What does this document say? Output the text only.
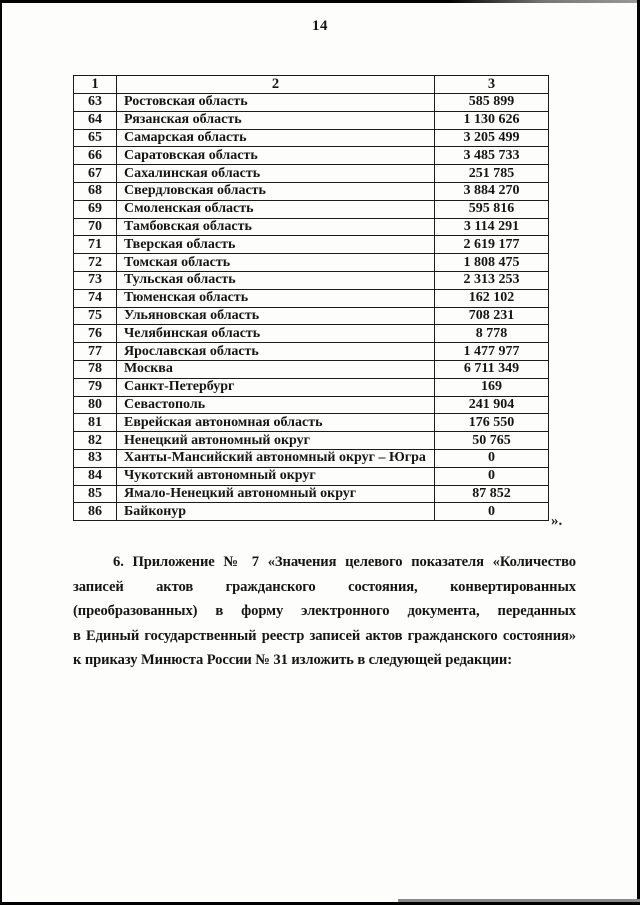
14
1	2	3
63	Ростовская область	585 899
64	Рязанская область	1 130 626
65	Самарская область	3 205 499
66	Саратовская область	3 485 733
67	Сахалинская область	251 785
68	Свердловская область	3 884 270
69	Смоленская область	595 816
70	Тамбовская область	3 114 291
71	Тверская область	2 619 177
72	Томская область	1 808 475
73	Тульская область	2 313 253
74	Тюменская область	162 102
75	Ульяновская область	708 231
76	Челябинская область	8 778
77	Ярославская область	1 477 977
78	Москва	6 711 349
79	Санкт-Петербург	169
80	Севастополь	241 904
81	Еврейская автономная область	176 550
82	Ненецкий автономный округ	50 765
83	Ханты-Мансийский автономный округ – Югра	0
84	Чукотский автономный округ	0
85	Ямало-Ненецкий автономный округ	87 852
86	Байконур	0
».
6. Приложение № 7 «Значения целевого показателя «Количество
записей актов гражданского состояния, конвертированных
(преобразованных) в форму электронного документа, переданных
в Единый государственный реестр записей актов гражданского состояния»
к приказу Минюста России № 31 изложить в следующей редакции:
